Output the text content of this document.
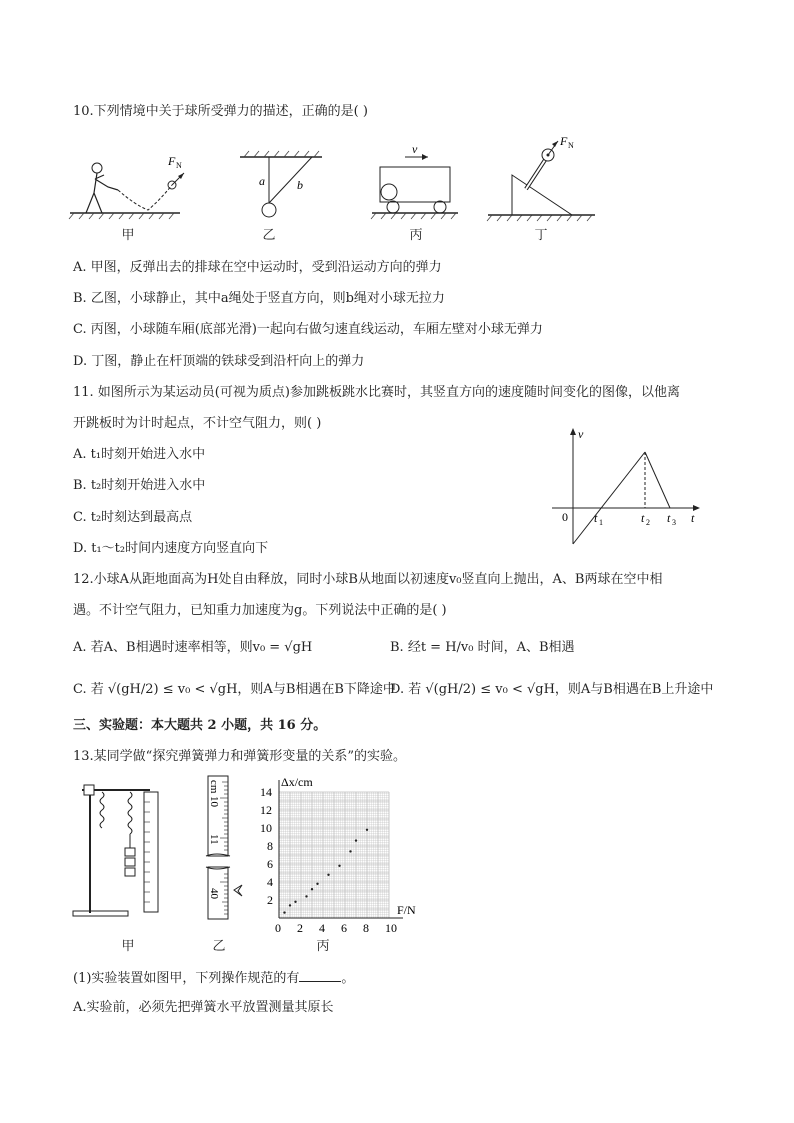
10.下列情境中关于球所受弹力的描述，正确的是( )
F N
a	b
v
F N
甲	乙	丙	丁
A. 甲图，反弹出去的排球在空中运动时，受到沿运动方向的弹力
B. 乙图，小球静止，其中a绳处于竖直方向，则b绳对小球无拉力
C. 丙图，小球随车厢(底部光滑)一起向右做匀速直线运动，车厢左壁对小球无弹力
D. 丁图，静止在杆顶端的铁球受到沿杆向上的弹力
11. 如图所示为某运动员(可视为质点)参加跳板跳水比赛时，其竖直方向的速度随时间变化的图像，以他离
开跳板时为计时起点，不计空气阻力，则( )
A. t₁时刻开始进入水中
B. t₂时刻开始进入水中
C. t₂时刻达到最高点
D. t₁～t₂时间内速度方向竖直向下
v
0 t 1	t 2 t 3 t
12.小球A从距地面高为H处自由释放，同时小球B从地面以初速度v₀竖直向上抛出，A、B两球在空中相
遇。不计空气阻力，已知重力加速度为g。下列说法中正确的是( )
A. 若A、B相遇时速率相等，则v₀ = √gH	B. 经t = H/v₀ 时间，A、B相遇
C. 若 √(gH/2) ≤ v₀ < √gH，则A与B相遇在B下降途中
D. 若 √(gH/2) ≤ v₀ < √gH，则A与B相遇在B上升途中
三、实验题：本大题共 2 小题，共 16 分。
13.某同学做“探究弹簧弹力和弹簧形变量的关系”的实验。
cm
10
11
40
0 2 4 6 8 10
2
4
6
8
10
12
14
Δx/cm
F/N
甲	乙	丙
(1)实验装置如图甲，下列操作规范的有	。
A.实验前，必须先把弹簧水平放置测量其原长
